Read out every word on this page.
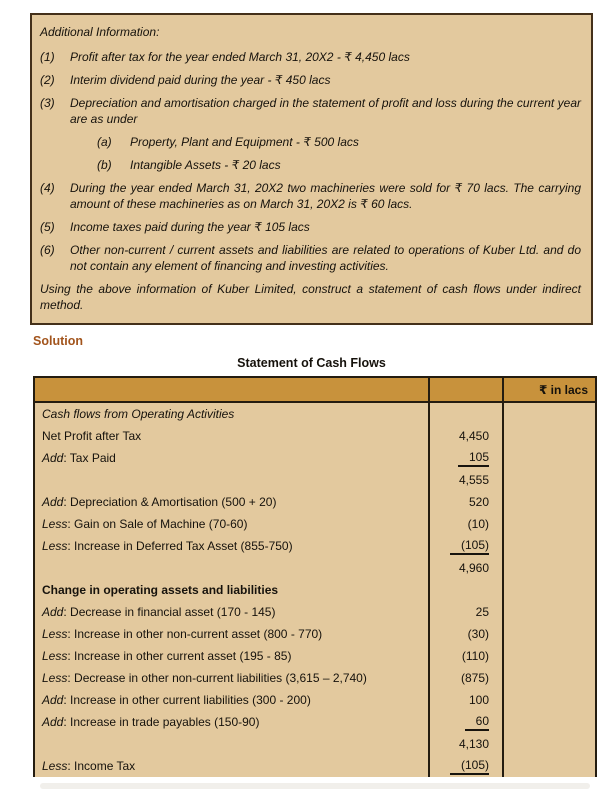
Additional Information:
(1)	Profit after tax for the year ended March 31, 20X2 - ₹ 4,450 lacs
(2)	Interim dividend paid during the year - ₹ 450 lacs
(3)	Depreciation and amortisation charged in the statement of profit and loss during the current year are as under
(a)	Property, Plant and Equipment - ₹ 500 lacs
(b)	Intangible Assets - ₹ 20 lacs
(4)	During the year ended March 31, 20X2 two machineries were sold for ₹ 70 lacs. The carrying amount of these machineries as on March 31, 20X2 is ₹ 60 lacs.
(5)	Income taxes paid during the year ₹ 105 lacs
(6)	Other non-current / current assets and liabilities are related to operations of Kuber Ltd. and do not contain any element of financing and investing activities.

Using the above information of Kuber Limited, construct a statement of cash flows under indirect method.

Solution
Statement of Cash Flows
₹ in lacs
Cash flows from Operating Activities
Net Profit after Tax	4,450
Add : Tax Paid	105
4,555
Add : Depreciation & Amortisation (500 + 20)	520
Less : Gain on Sale of Machine (70-60)	(10)
Less : Increase in Deferred Tax Asset (855-750)	(105)
4,960
Change in operating assets and liabilities
Add : Decrease in financial asset (170 - 145)	25
Less : Increase in other non-current asset (800 - 770)	(30)
Less : Increase in other current asset (195 - 85)	(110)
Less : Decrease in other non-current liabilities (3,615 – 2,740)	(875)
Add : Increase in other current liabilities (300 - 200)	100
Add : Increase in trade payables (150-90)	60
4,130
Less : Income Tax	(105)
